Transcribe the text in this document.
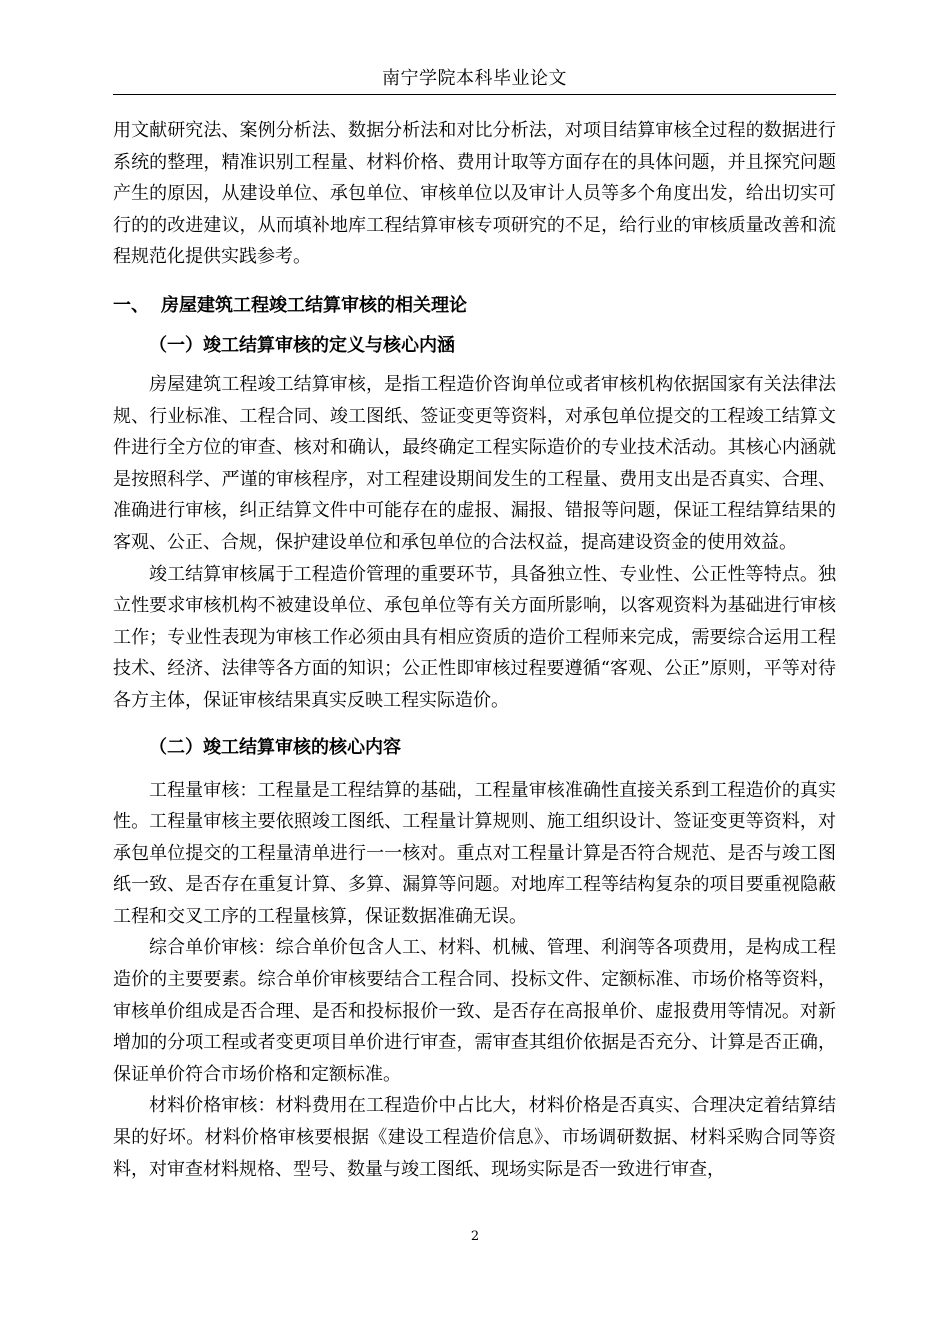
南宁学院本科毕业论文

用文献研究法、案例分析法、数据分析法和对比分析法，对项目结算审核全过程的数据进行系统的整理，精准识别工程量、材料价格、费用计取等方面存在的具体问题，并且探究问题产生的原因，从建设单位、承包单位、审核单位以及审计人员等多个角度出发，给出切实可行的的改进建议，从而填补地库工程结算审核专项研究的不足，给行业的审核质量改善和流程规范化提供实践参考。

一、 房屋建筑工程竣工结算审核的相关理论

（一）竣工结算审核的定义与核心内涵

房屋建筑工程竣工结算审核，是指工程造价咨询单位或者审核机构依据国家有关法律法规、行业标准、工程合同、竣工图纸、签证变更等资料，对承包单位提交的工程竣工结算文件进行全方位的审查、核对和确认，最终确定工程实际造价的专业技术活动。其核心内涵就是按照科学、严谨的审核程序，对工程建设期间发生的工程量、费用支出是否真实、合理、准确进行审核，纠正结算文件中可能存在的虚报、漏报、错报等问题，保证工程结算结果的客观、公正、合规，保护建设单位和承包单位的合法权益，提高建设资金的使用效益。

竣工结算审核属于工程造价管理的重要环节，具备独立性、专业性、公正性等特点。独立性要求审核机构不被建设单位、承包单位等有关方面所影响，以客观资料为基础进行审核工作；专业性表现为审核工作必须由具有相应资质的造价工程师来完成，需要综合运用工程技术、经济、法律等各方面的知识；公正性即审核过程要遵循“客观、公正”原则，平等对待各方主体，保证审核结果真实反映工程实际造价。

（二）竣工结算审核的核心内容

工程量审核：工程量是工程结算的基础，工程量审核准确性直接关系到工程造价的真实性。工程量审核主要依照竣工图纸、工程量计算规则、施工组织设计、签证变更等资料，对承包单位提交的工程量清单进行一一核对。重点对工程量计算是否符合规范、是否与竣工图纸一致、是否存在重复计算、多算、漏算等问题。对地库工程等结构复杂的项目要重视隐蔽工程和交叉工序的工程量核算，保证数据准确无误。

综合单价审核：综合单价包含人工、材料、机械、管理、利润等各项费用，是构成工程造价的主要要素。综合单价审核要结合工程合同、投标文件、定额标准、市场价格等资料，审核单价组成是否合理、是否和投标报价一致、是否存在高报单价、虚报费用等情况。对新增加的分项工程或者变更项目单价进行审查，需审查其组价依据是否充分、计算是否正确，保证单价符合市场价格和定额标准。

材料价格审核：材料费用在工程造价中占比大，材料价格是否真实、合理决定着结算结果的好坏。材料价格审核要根据《建设工程造价信息》、市场调研数据、材料采购合同等资料，对审查材料规格、型号、数量与竣工图纸、现场实际是否一致进行审查，

2
